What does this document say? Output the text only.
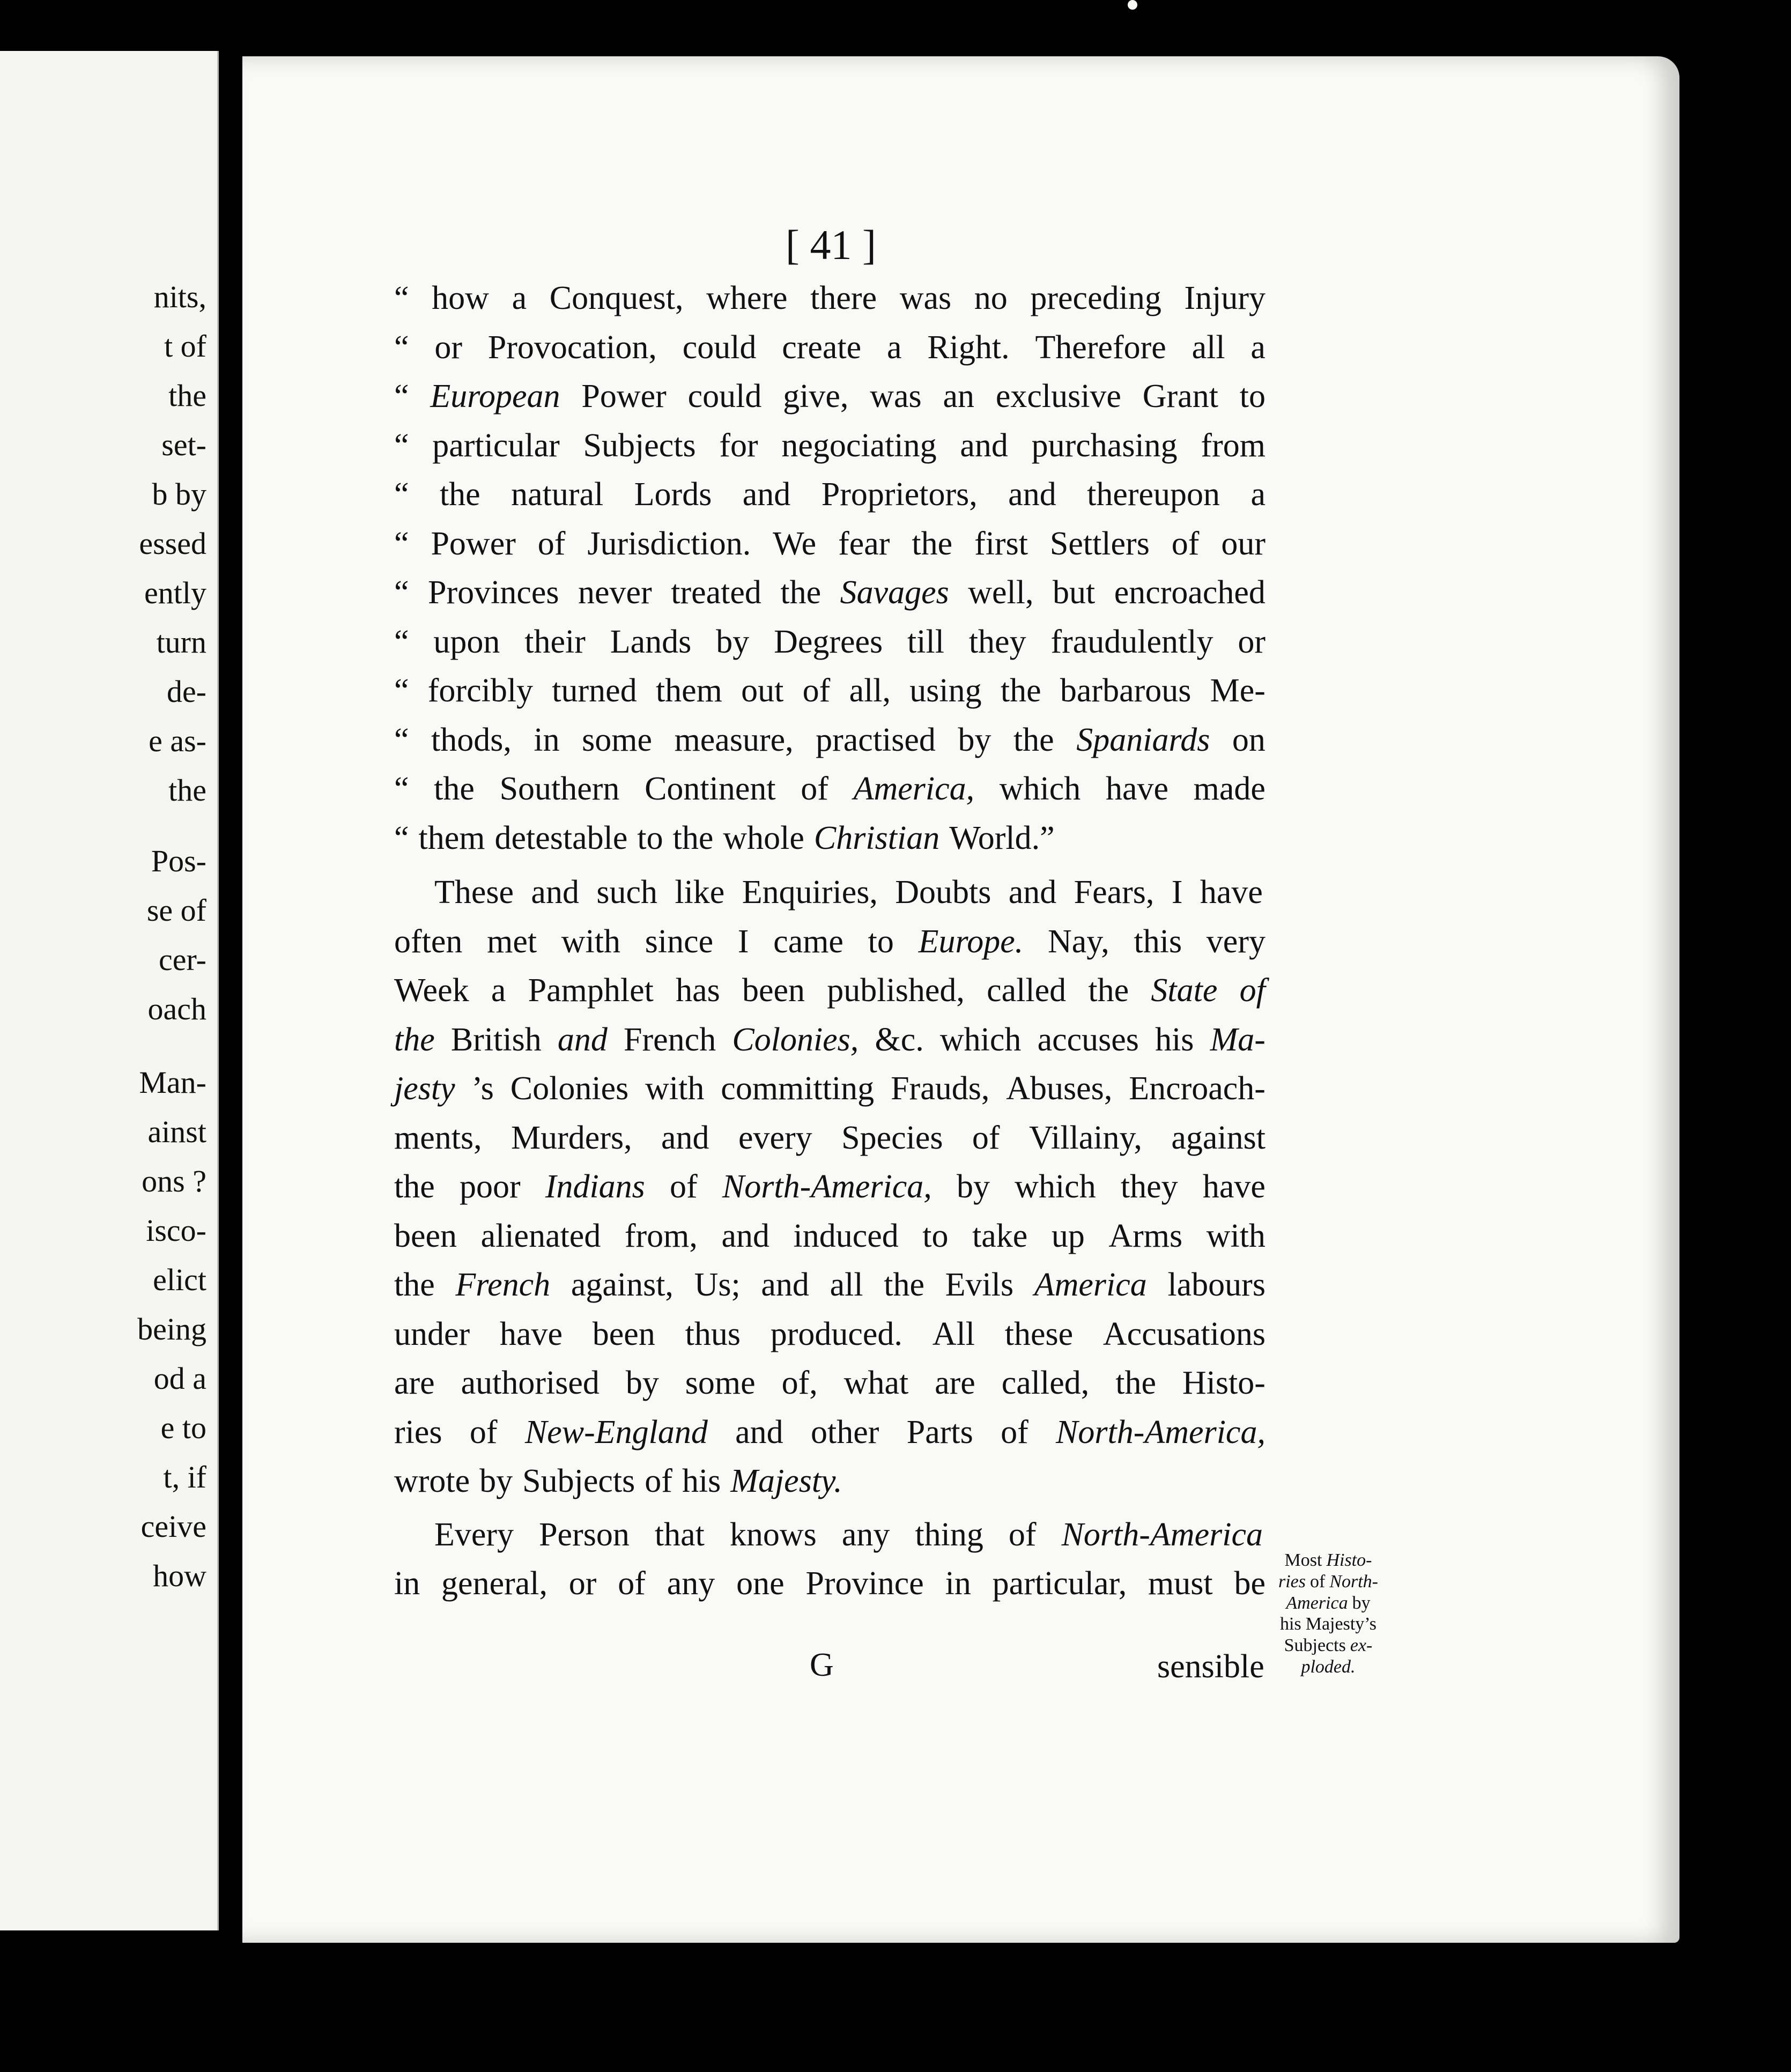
nits,
t of
the
set-
b by
essed
ently
turn
de-
e as-
the
Pos-
se of
cer-
oach
Man-
ainst
ons ?
isco-
elict
being
od a
e to
t, if
ceive
how
[ 41 ]
“ how a Conquest, where there was no preceding Injury
“ or Provocation, could create a Right. Therefore all a
“ European Power could give, was an exclusive Grant to
“ particular Subjects for negociating and purchasing from
“ the natural Lords and Proprietors, and thereupon a
“ Power of Jurisdiction. We fear the first Settlers of our
“ Provinces never treated the Savages well, but encroached
“ upon their Lands by Degrees till they fraudulently or
“ forcibly turned them out of all, using the barbarous Me-
“ thods, in some measure, practised by the Spaniards on
“ the Southern Continent of America, which have made
“ them detestable to the whole Christian World.”
These and such like Enquiries, Doubts and Fears, I have
often met with since I came to Europe. Nay, this very
Week a Pamphlet has been published, called the State of
the British and French Colonies, &c. which accuses his Ma-
jesty ’s Colonies with committing Frauds, Abuses, Encroach-
ments, Murders, and every Species of Villainy, against
the poor Indians of North-America, by which they have
been alienated from, and induced to take up Arms with
the French against, Us; and all the Evils America labours
under have been thus produced. All these Accusations
are authorised by some of, what are called, the Histo-
ries of New-England and other Parts of North-America,
wrote by Subjects of his Majesty.
Every Person that knows any thing of North-America
in general, or of any one Province in particular, must be
Most Histo-
ries of North-
America by
his Majesty’s
Subjects ex-
ploded.
G	sensible
